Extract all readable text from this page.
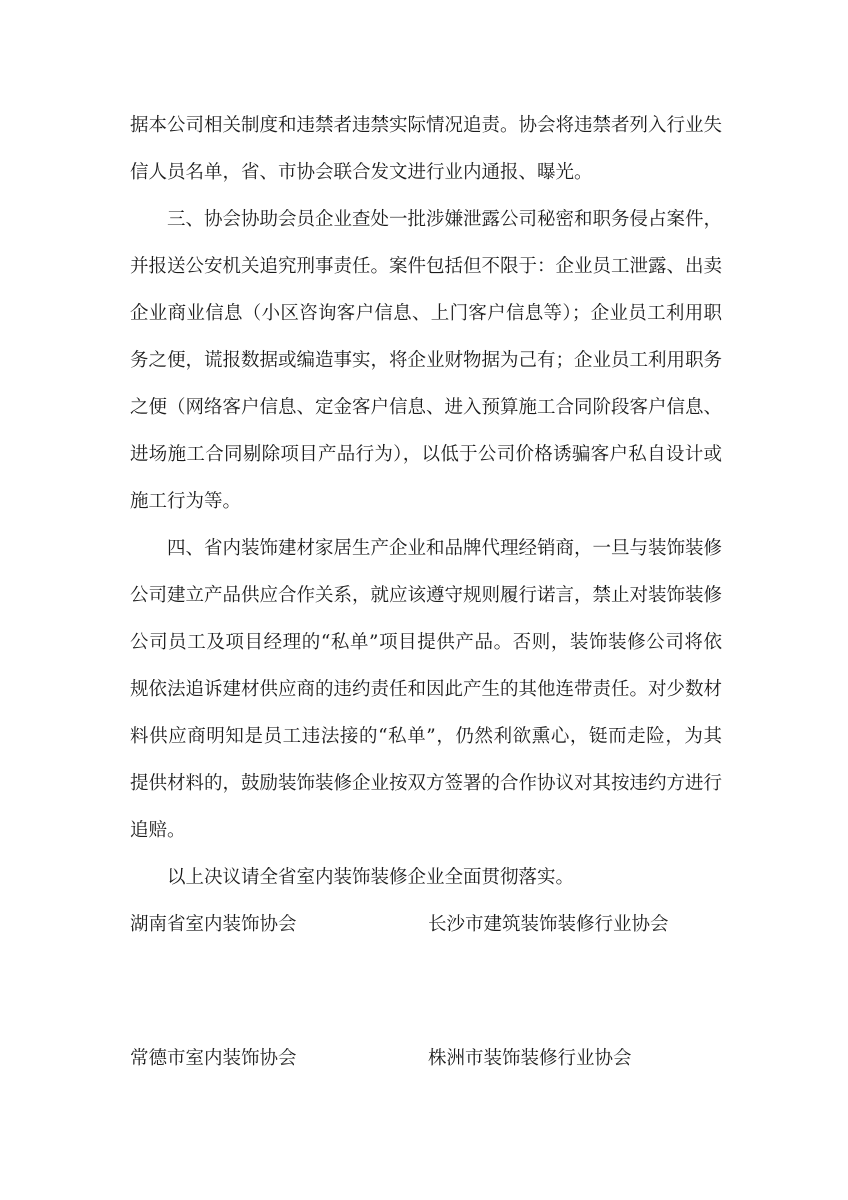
据本公司相关制度和违禁者违禁实际情况追责。协会将违禁者列入行业失信人员名单，省、市协会联合发文进行业内通报、曝光。

三、协会协助会员企业查处一批涉嫌泄露公司秘密和职务侵占案件，并报送公安机关追究刑事责任。案件包括但不限于：企业员工泄露、出卖企业商业信息（小区咨询客户信息、上门客户信息等）；企业员工利用职务之便，谎报数据或编造事实，将企业财物据为己有；企业员工利用职务之便（网络客户信息、定金客户信息、进入预算施工合同阶段客户信息、进场施工合同剔除项目产品行为），以低于公司价格诱骗客户私自设计或施工行为等。

四、省内装饰建材家居生产企业和品牌代理经销商，一旦与装饰装修公司建立产品供应合作关系，就应该遵守规则履行诺言，禁止对装饰装修公司员工及项目经理的“私单”项目提供产品。否则，装饰装修公司将依规依法追诉建材供应商的违约责任和因此产生的其他连带责任。对少数材料供应商明知是员工违法接的“私单”，仍然利欲熏心，铤而走险，为其提供材料的，鼓励装饰装修企业按双方签署的合作协议对其按违约方进行追赔。

以上决议请全省室内装饰装修企业全面贯彻落实。

湖南省室内装饰协会	长沙市建筑装饰装修行业协会
常德市室内装饰协会	株洲市装饰装修行业协会
